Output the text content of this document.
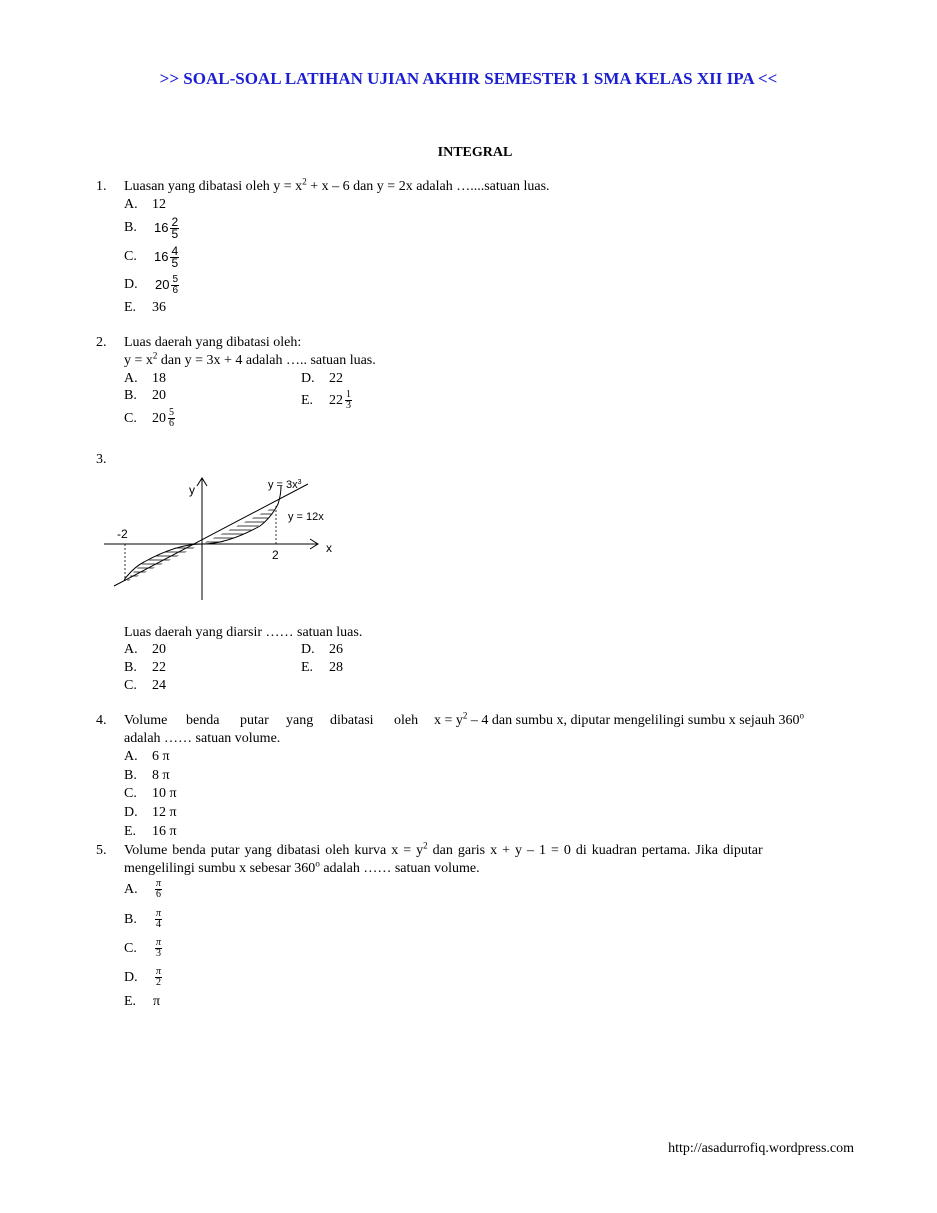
>> SOAL-SOAL LATIHAN UJIAN AKHIR SEMESTER 1 SMA KELAS XII IPA <<
INTEGRAL
1. Luasan yang dibatasi oleh $y = x^2 + x - 6$ dan y = 2x adalah …....satuan luas.
A. 12
B. $16 \frac{2}{5}$
C. $16 \frac{4}{5}$
D. $20 \frac{5}{6}$
E. 36
2. Luas daerah yang dibatasi oleh:
$y = x^2$ dan y = 3x + 4 adalah ….. satuan luas.
A. 18
B. 20
C. $20 \frac{5}{6}$
D. 22
E. $22 \frac{1}{3}$
3.
y
x
$y = 3x^3$
y = 12x
-2
2
Luas daerah yang diarsir …… satuan luas.
A. 20
B. 22
C. 24
D. 26
E. 28
4. Volume benda putar yang dibatasi oleh $x = y^2 - 4$ dan sumbu x, diputar mengelilingi sumbu x sejauh 360$^o$
adalah …… satuan volume.
A. 6 π
B. 8 π
C. 10 π
D. 12 π
E. 16 π
5. Volume benda putar yang dibatasi oleh kurva $x = y^2$ dan garis x + y – 1 = 0 di kuadran pertama. Jika diputar
mengelilingi sumbu x sebesar 360$^o$ adalah …… satuan volume.
A. $\frac{\pi}{6}$
B. $\frac{\pi}{4}$
C. $\frac{\pi}{3}$
D. $\frac{\pi}{2}$
E. π
http://asadurrofiq.wordpress.com
